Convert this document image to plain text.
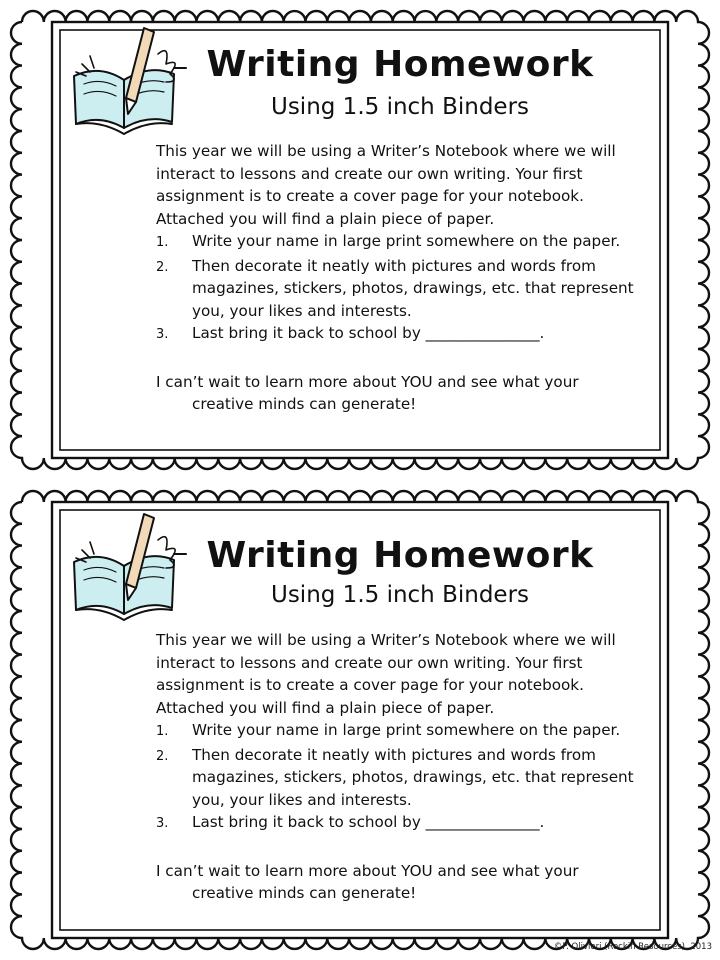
Writing Homework
Using 1.5 inch Binders

This year we will be using a Writer’s Notebook where we will interact to lessons and create our own writing. Your first assignment is to create a cover page for your notebook. Attached you will find a plain piece of paper.

1.	Write your name in large print somewhere on the paper.
2.	Then decorate it neatly with pictures and words from magazines, stickers, photos, drawings, etc. that represent you, your likes and interests.
3.	Last bring it back to school by _______________.

I can’t wait to learn more about YOU and see what your
creative minds can generate!

Writing Homework
Using 1.5 inch Binders

This year we will be using a Writer’s Notebook where we will interact to lessons and create our own writing. Your first assignment is to create a cover page for your notebook. Attached you will find a plain piece of paper.

1.	Write your name in large print somewhere on the paper.
2.	Then decorate it neatly with pictures and words from magazines, stickers, photos, drawings, etc. that represent you, your likes and interests.
3.	Last bring it back to school by _______________.

I can’t wait to learn more about YOU and see what your
creative minds can generate!

©P. Olivieri (Rockin Resources), 2013
